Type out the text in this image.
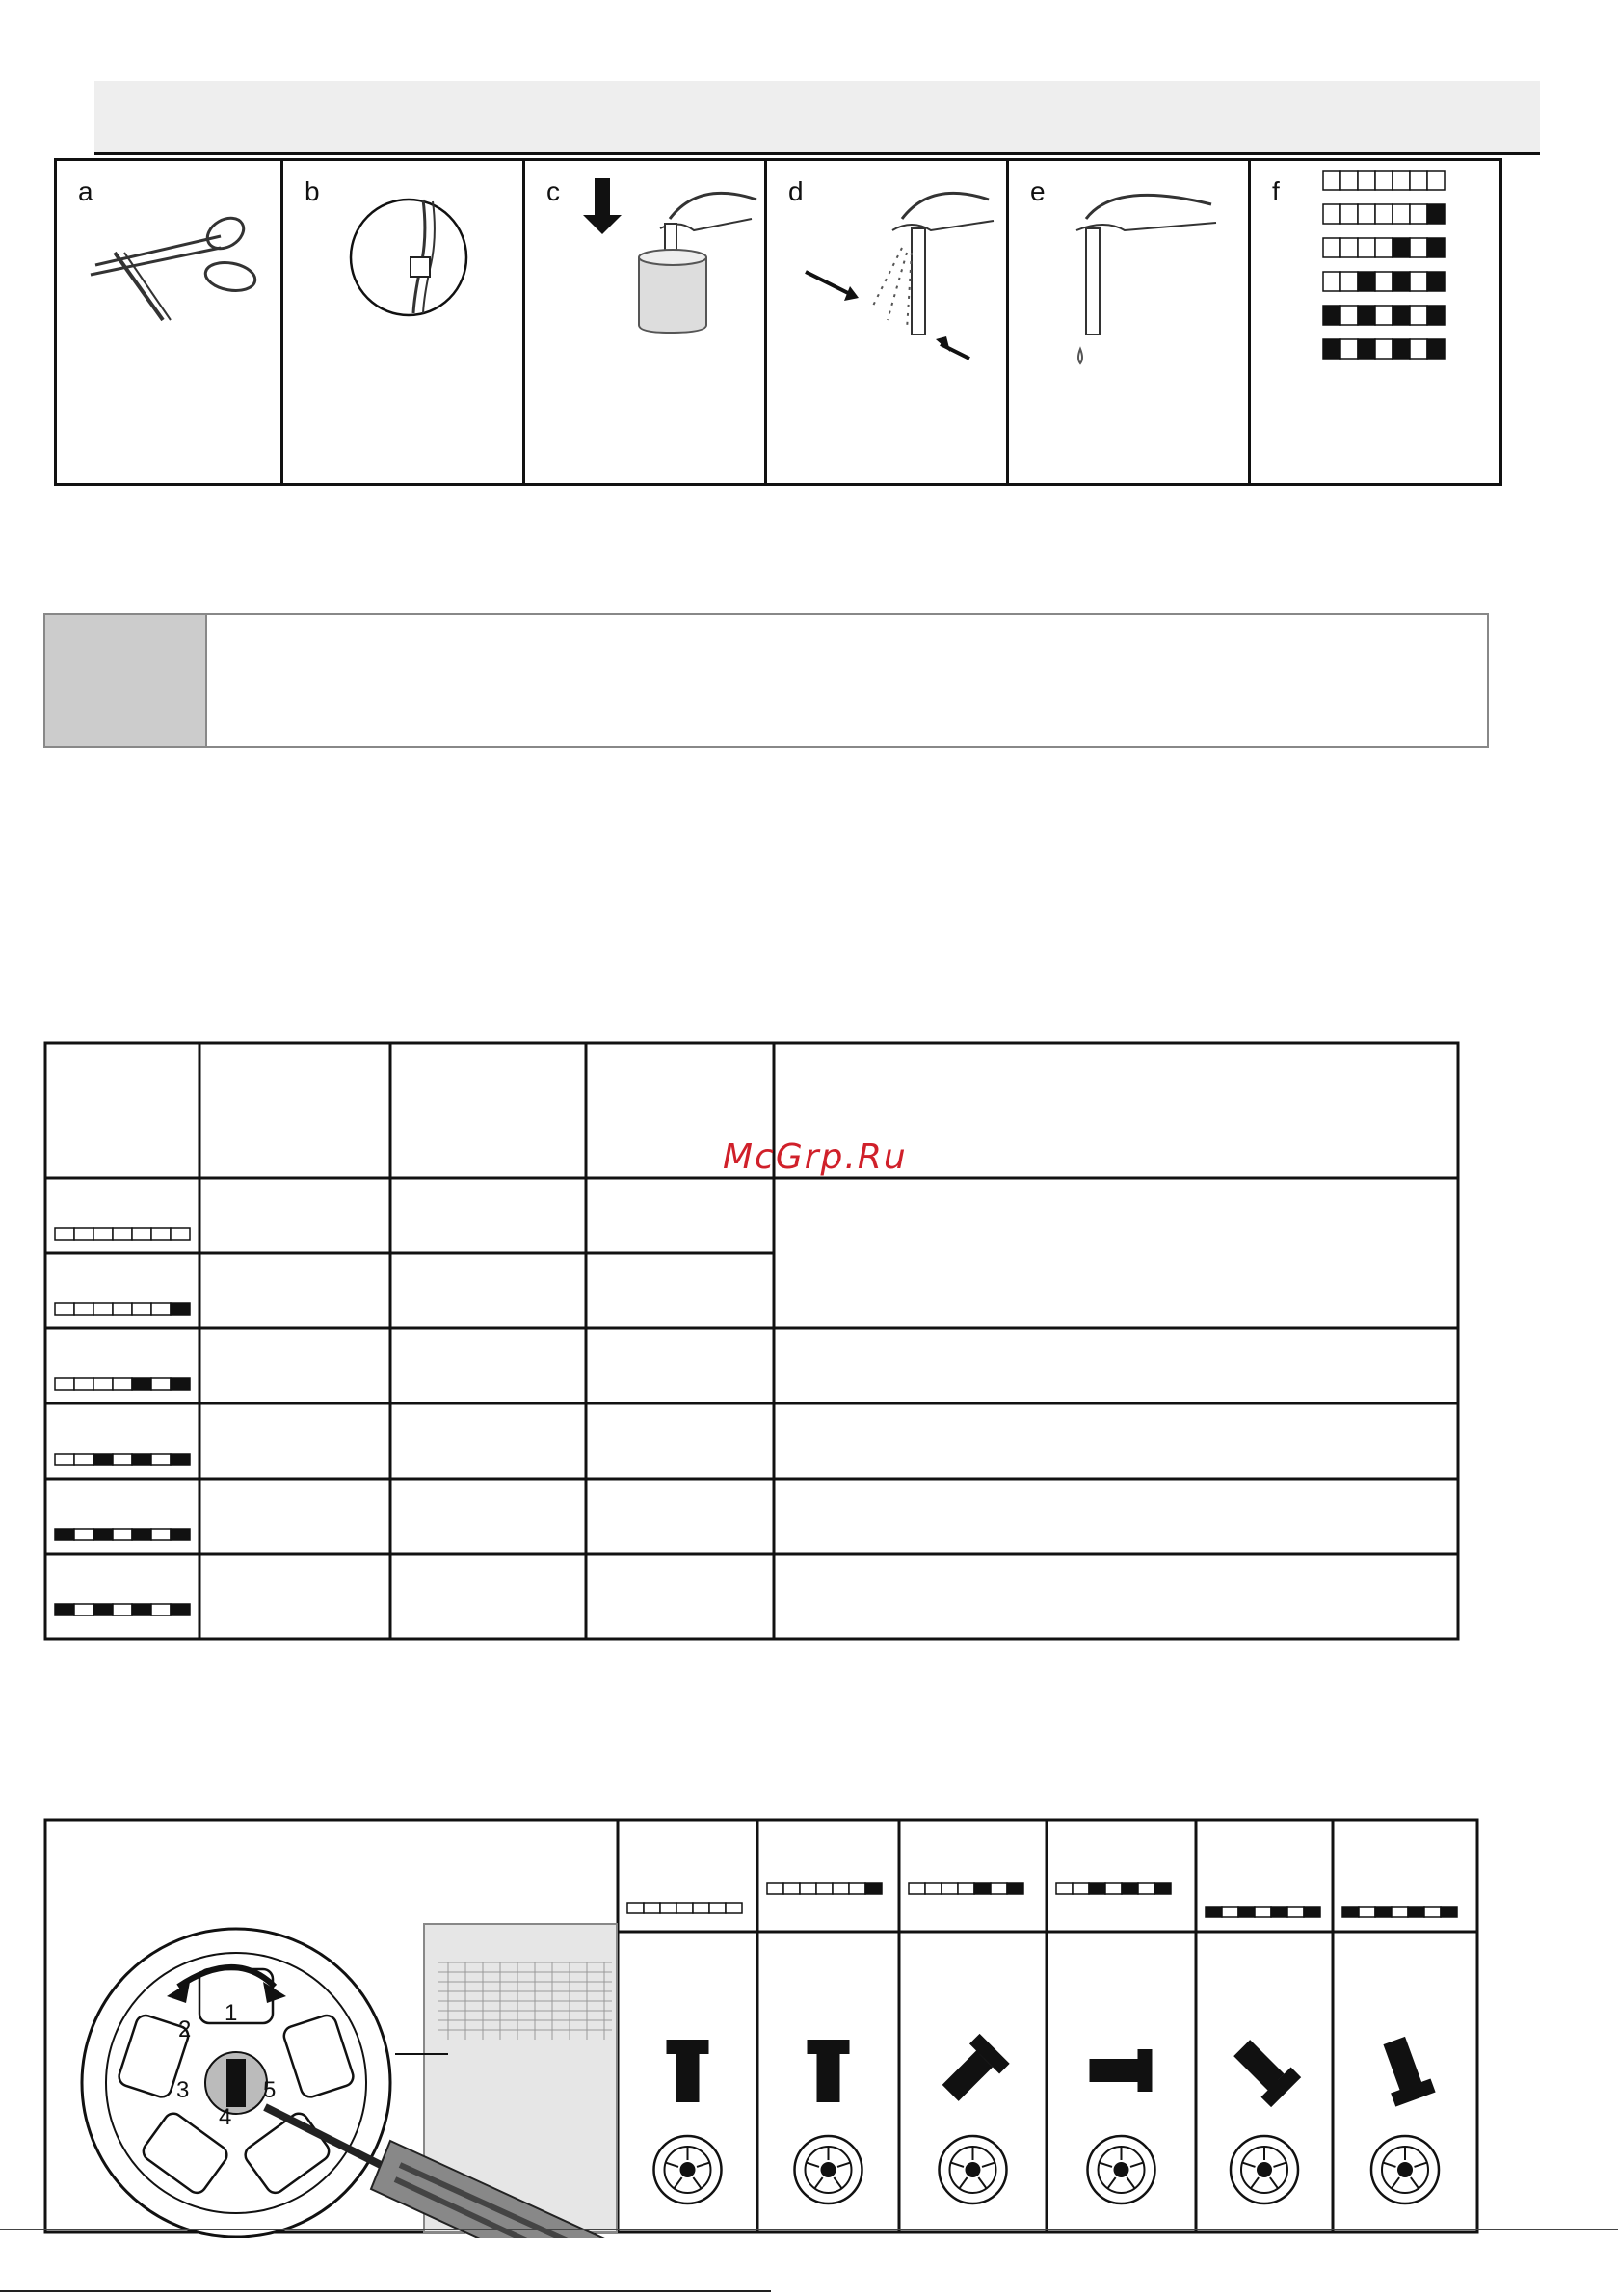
a	b	c	d	e	f
McGrp.Ru
1
2
3
4
5
